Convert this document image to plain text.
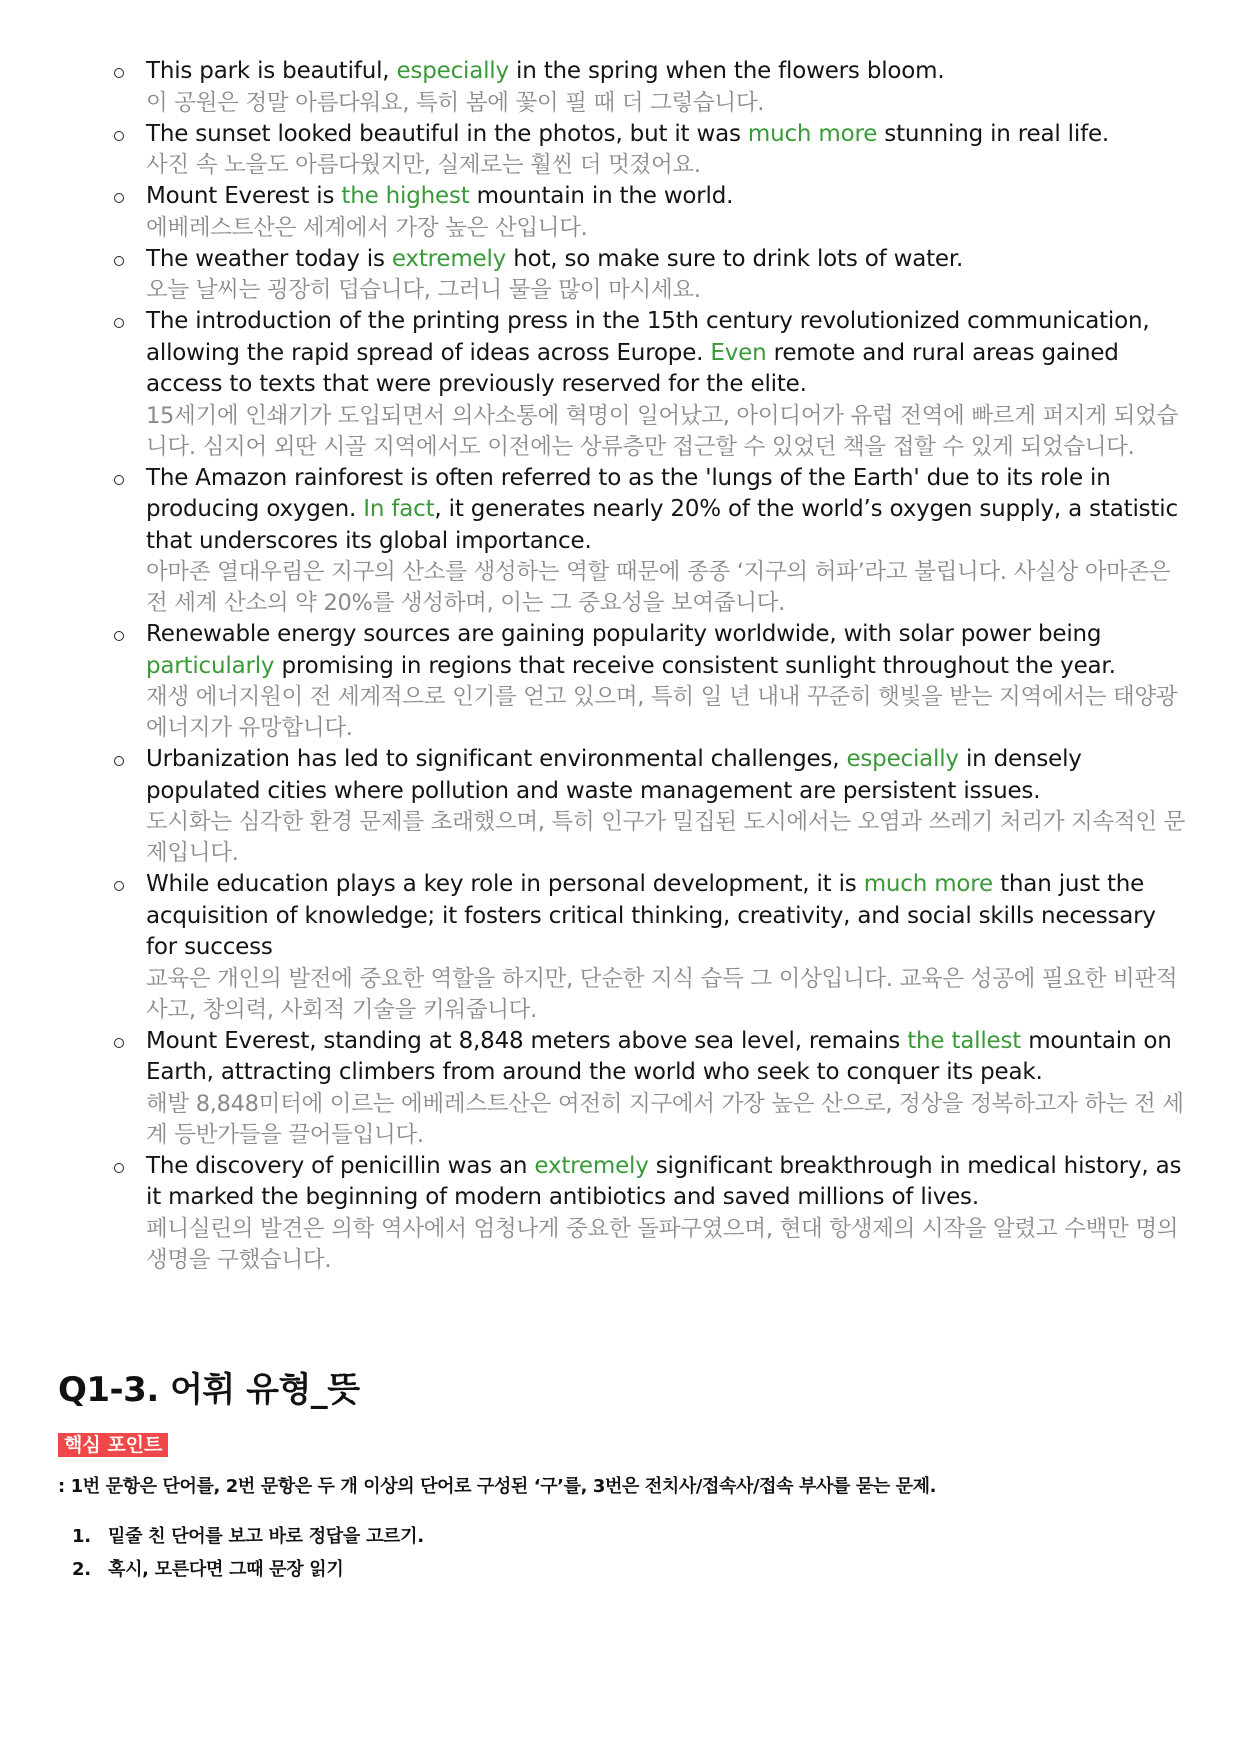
This park is beautiful, especially in the spring when the flowers bloom.
이 공원은 정말 아름다워요, 특히 봄에 꽃이 필 때 더 그렇습니다.
The sunset looked beautiful in the photos, but it was much more stunning in real life.
사진 속 노을도 아름다웠지만, 실제로는 훨씬 더 멋졌어요.
Mount Everest is the highest mountain in the world.
에베레스트산은 세계에서 가장 높은 산입니다.
The weather today is extremely hot, so make sure to drink lots of water.
오늘 날씨는 굉장히 덥습니다, 그러니 물을 많이 마시세요.
The introduction of the printing press in the 15th century revolutionized communication, allowing the rapid spread of ideas across Europe. Even remote and rural areas gained access to texts that were previously reserved for the elite.
15세기에 인쇄기가 도입되면서 의사소통에 혁명이 일어났고, 아이디어가 유럽 전역에 빠르게 퍼지게 되었습니다. 심지어 외딴 시골 지역에서도 이전에는 상류층만 접근할 수 있었던 책을 접할 수 있게 되었습니다.
The Amazon rainforest is often referred to as the 'lungs of the Earth' due to its role in producing oxygen. In fact, it generates nearly 20% of the world’s oxygen supply, a statistic that underscores its global importance.
아마존 열대우림은 지구의 산소를 생성하는 역할 때문에 종종 ‘지구의 허파’라고 불립니다. 사실상 아마존은 전 세계 산소의 약 20%를 생성하며, 이는 그 중요성을 보여줍니다.
Renewable energy sources are gaining popularity worldwide, with solar power being particularly promising in regions that receive consistent sunlight throughout the year.
재생 에너지원이 전 세계적으로 인기를 얻고 있으며, 특히 일 년 내내 꾸준히 햇빛을 받는 지역에서는 태양광 에너지가 유망합니다.
Urbanization has led to significant environmental challenges, especially in densely populated cities where pollution and waste management are persistent issues.
도시화는 심각한 환경 문제를 초래했으며, 특히 인구가 밀집된 도시에서는 오염과 쓰레기 처리가 지속적인 문제입니다.
While education plays a key role in personal development, it is much more than just the acquisition of knowledge; it fosters critical thinking, creativity, and social skills necessary for success
교육은 개인의 발전에 중요한 역할을 하지만, 단순한 지식 습득 그 이상입니다. 교육은 성공에 필요한 비판적 사고, 창의력, 사회적 기술을 키워줍니다.
Mount Everest, standing at 8,848 meters above sea level, remains the tallest mountain on Earth, attracting climbers from around the world who seek to conquer its peak.
해발 8,848미터에 이르는 에베레스트산은 여전히 지구에서 가장 높은 산으로, 정상을 정복하고자 하는 전 세계 등반가들을 끌어들입니다.
The discovery of penicillin was an extremely significant breakthrough in medical history, as it marked the beginning of modern antibiotics and saved millions of lives.
페니실린의 발견은 의학 역사에서 엄청나게 중요한 돌파구였으며, 현대 항생제의 시작을 알렸고 수백만 명의 생명을 구했습니다.
Q1-3. 어휘 유형_뜻
핵심 포인트

: 1번 문항은 단어를, 2번 문항은 두 개 이상의 단어로 구성된 ‘구’를, 3번은 전치사/접속사/접속 부사를 묻는 문제.

1. 밑줄 친 단어를 보고 바로 정답을 고르기.
2. 혹시, 모른다면 그때 문장 읽기
